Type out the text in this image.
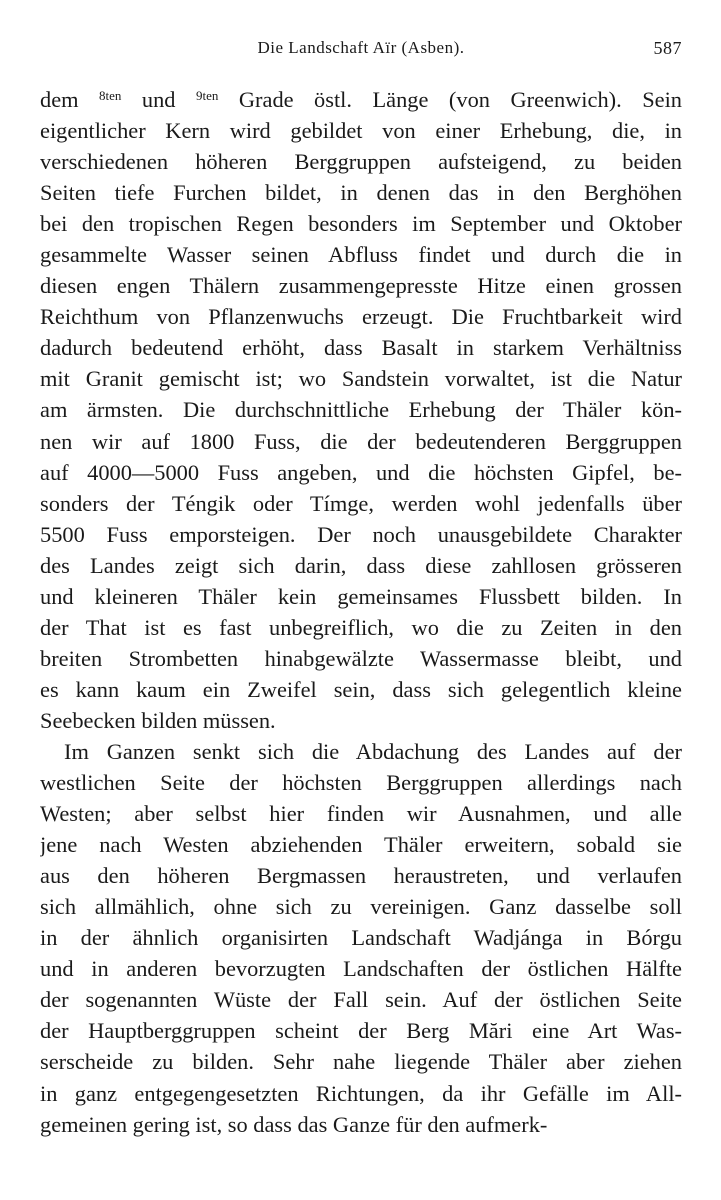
Die Landschaft Aïr (Asben).	587
dem $^{8ten}$ und $^{9ten}$ Grade östl. Länge (von Greenwich). Sein
eigentlicher Kern wird gebildet von einer Erhebung, die, in
verschiedenen höheren Berggruppen aufsteigend, zu beiden
Seiten tiefe Furchen bildet, in denen das in den Berghöhen
bei den tropischen Regen besonders im September und Oktober
gesammelte Wasser seinen Abfluss findet und durch die in
diesen engen Thälern zusammengepresste Hitze einen grossen
Reichthum von Pflanzenwuchs erzeugt. Die Fruchtbarkeit wird
dadurch bedeutend erhöht, dass Basalt in starkem Verhältniss
mit Granit gemischt ist; wo Sandstein vorwaltet, ist die Natur
am ärmsten. Die durchschnittliche Erhebung der Thäler kön-
nen wir auf 1800 Fuss, die der bedeutenderen Berggruppen
auf 4000—5000 Fuss angeben, und die höchsten Gipfel, be-
sonders der Téngik oder Tímge, werden wohl jedenfalls über
5500 Fuss emporsteigen. Der noch unausgebildete Charakter
des Landes zeigt sich darin, dass diese zahllosen grösseren
und kleineren Thäler kein gemeinsames Flussbett bilden. In
der That ist es fast unbegreiflich, wo die zu Zeiten in den
breiten Strombetten hinabgewälzte Wassermasse bleibt, und
es kann kaum ein Zweifel sein, dass sich gelegentlich kleine
Seebecken bilden müssen.
Im Ganzen senkt sich die Abdachung des Landes auf der
westlichen Seite der höchsten Berggruppen allerdings nach
Westen; aber selbst hier finden wir Ausnahmen, und alle
jene nach Westen abziehenden Thäler erweitern, sobald sie
aus den höheren Bergmassen heraustreten, und verlaufen
sich allmählich, ohne sich zu vereinigen. Ganz dasselbe soll
in der ähnlich organisirten Landschaft Wadjánga in Bórgu
und in anderen bevorzugten Landschaften der östlichen Hälfte
der sogenannten Wüste der Fall sein. Auf der östlichen Seite
der Hauptberggruppen scheint der Berg Mări eine Art Was-
serscheide zu bilden. Sehr nahe liegende Thäler aber ziehen
in ganz entgegengesetzten Richtungen, da ihr Gefälle im All-
gemeinen gering ist, so dass das Ganze für den aufmerk-
